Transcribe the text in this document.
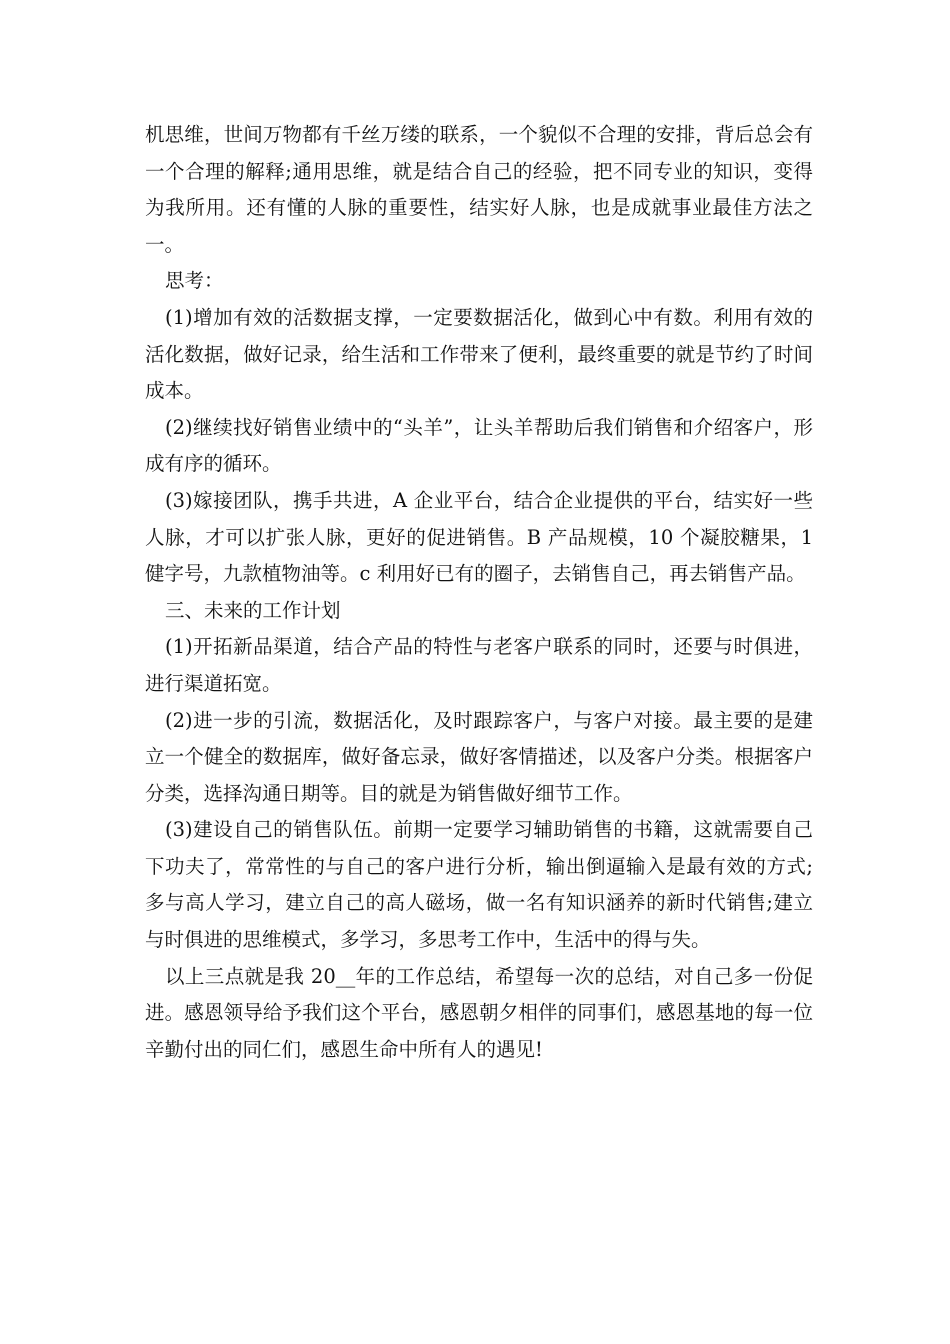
机思维，世间万物都有千丝万缕的联系，一个貌似不合理的安排，背后总会有一个合理的解释;通用思维，就是结合自己的经验，把不同专业的知识，变得为我所用。还有懂的人脉的重要性，结实好人脉，也是成就事业最佳方法之一。

思考：

(1)增加有效的活数据支撑，一定要数据活化，做到心中有数。利用有效的活化数据，做好记录，给生活和工作带来了便利，最终重要的就是节约了时间成本。

(2)继续找好销售业绩中的“头羊”，让头羊帮助后我们销售和介绍客户，形成有序的循环。

(3)嫁接团队，携手共进，A 企业平台，结合企业提供的平台，结实好一些人脉，才可以扩张人脉，更好的促进销售。B 产品规模，10 个凝胶糖果，1 健字号，九款植物油等。c 利用好已有的圈子，去销售自己，再去销售产品。

三、未来的工作计划

(1)开拓新品渠道，结合产品的特性与老客户联系的同时，还要与时俱进，进行渠道拓宽。

(2)进一步的引流，数据活化，及时跟踪客户，与客户对接。最主要的是建立一个健全的数据库，做好备忘录，做好客情描述，以及客户分类。根据客户分类，选择沟通日期等。目的就是为销售做好细节工作。

(3)建设自己的销售队伍。前期一定要学习辅助销售的书籍，这就需要自己下功夫了，常常性的与自己的客户进行分析，输出倒逼输入是最有效的方式;多与高人学习，建立自己的高人磁场，做一名有知识涵养的新时代销售;建立与时俱进的思维模式，多学习，多思考工作中，生活中的得与失。

以上三点就是我 20__年的工作总结，希望每一次的总结，对自己多一份促进。感恩领导给予我们这个平台，感恩朝夕相伴的同事们，感恩基地的每一位辛勤付出的同仁们，感恩生命中所有人的遇见!
